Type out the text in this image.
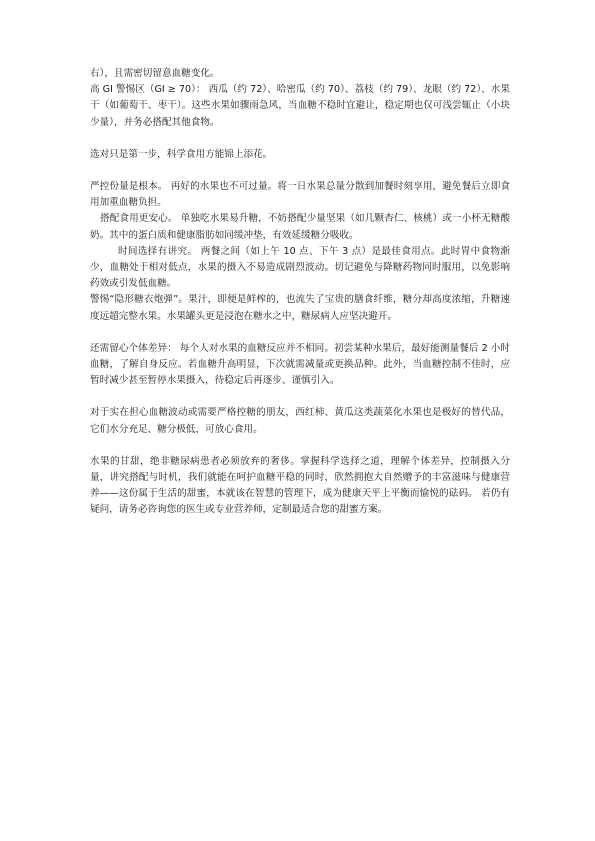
右），且需密切留意血糖变化。

高 GI 警惕区（GI ≥ 70）： 西瓜（约 72）、哈密瓜（约 70）、荔枝（约 79）、龙眼（约 72）、水果干（如葡萄干、枣干）。这些水果如骤雨急风，当血糖不稳时宜避让，稳定期也仅可浅尝辄止（小块少量），并务必搭配其他食物。

选对只是第一步，科学食用方能锦上添花。

严控份量是根本。 再好的水果也不可过量。将一日水果总量分散到加餐时刻享用，避免餐后立即食用加重血糖负担。

搭配食用更安心。 单独吃水果易升糖，不妨搭配少量坚果（如几颗杏仁、核桃）或一小杯无糖酸奶。其中的蛋白质和健康脂肪如同缓冲垫，有效延缓糖分吸收。

时间选择有讲究。 两餐之间（如上午 10 点、下午 3 点）是最佳食用点。此时胃中食物渐少，血糖处于相对低点，水果的摄入不易造成剧烈波动。切记避免与降糖药物同时服用，以免影响药效或引发低血糖。

警惕“隐形糖衣炮弹”。果汁，即便是鲜榨的，也流失了宝贵的膳食纤维，糖分却高度浓缩，升糖速度远超完整水果。水果罐头更是浸泡在糖水之中，糖尿病人应坚决避开。

还需留心个体差异： 每个人对水果的血糖反应并不相同。初尝某种水果后，最好能测量餐后 2 小时血糖，了解自身反应。若血糖升高明显，下次就需减量或更换品种。此外，当血糖控制不佳时，应暂时减少甚至暂停水果摄入，待稳定后再逐步、谨慎引入。

对于实在担心血糖波动或需要严格控糖的朋友，西红柿、黄瓜这类蔬菜化水果也是极好的替代品，它们水分充足、糖分极低，可放心食用。

水果的甘甜，绝非糖尿病患者必须放弃的奢侈。掌握科学选择之道，理解个体差异，控制摄入分量，讲究搭配与时机，我们就能在呵护血糖平稳的同时，欣然拥抱大自然赠予的丰富滋味与健康营养——这份属于生活的甜蜜，本就该在智慧的管理下，成为健康天平上平衡而愉悦的砝码。 若仍有疑问，请务必咨询您的医生或专业营养师，定制最适合您的甜蜜方案。
